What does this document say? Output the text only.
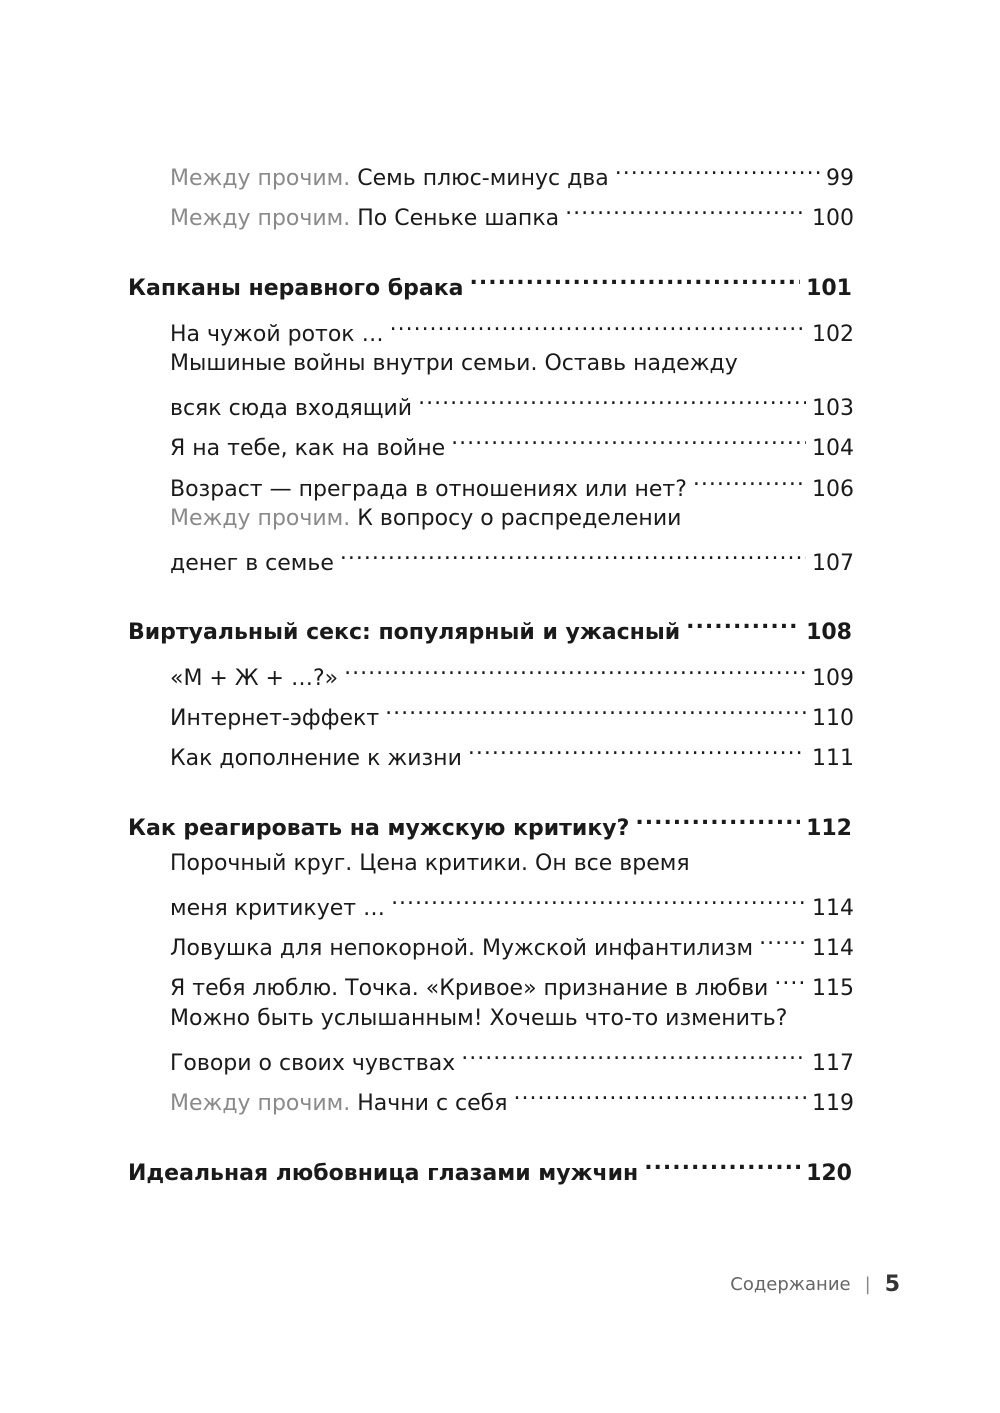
Между прочим. Семь плюс-минус два .....	99
Между прочим. По Сеньке шапка .....	100
Капканы неравного брака .....	101
На чужой роток … .....	102
Мышиные войны внутри семьи. Оставь надежду
всяк сюда входящий .....	103
Я на тебе, как на войне .....	104
Возраст — преграда в отношениях или нет? .....	106
Между прочим. К вопросу о распределении
денег в семье .....	107
Виртуальный секс: популярный и ужасный .....	108
«М + Ж + …?» .....	109
Интернет-эффект .....	110
Как дополнение к жизни .....	111
Как реагировать на мужскую критику? .....	112
Порочный круг. Цена критики. Он все время
меня критикует … .....	114
Ловушка для непокорной. Мужской инфантилизм .....	114
Я тебя люблю. Точка. «Кривое» признание в любви ..... 115
Можно быть услышанным! Хочешь что-то изменить?
Говори о своих чувствах .....	117
Между прочим. Начни с себя .....	119
Идеальная любовница глазами мужчин .....	120
Содержание | 5
